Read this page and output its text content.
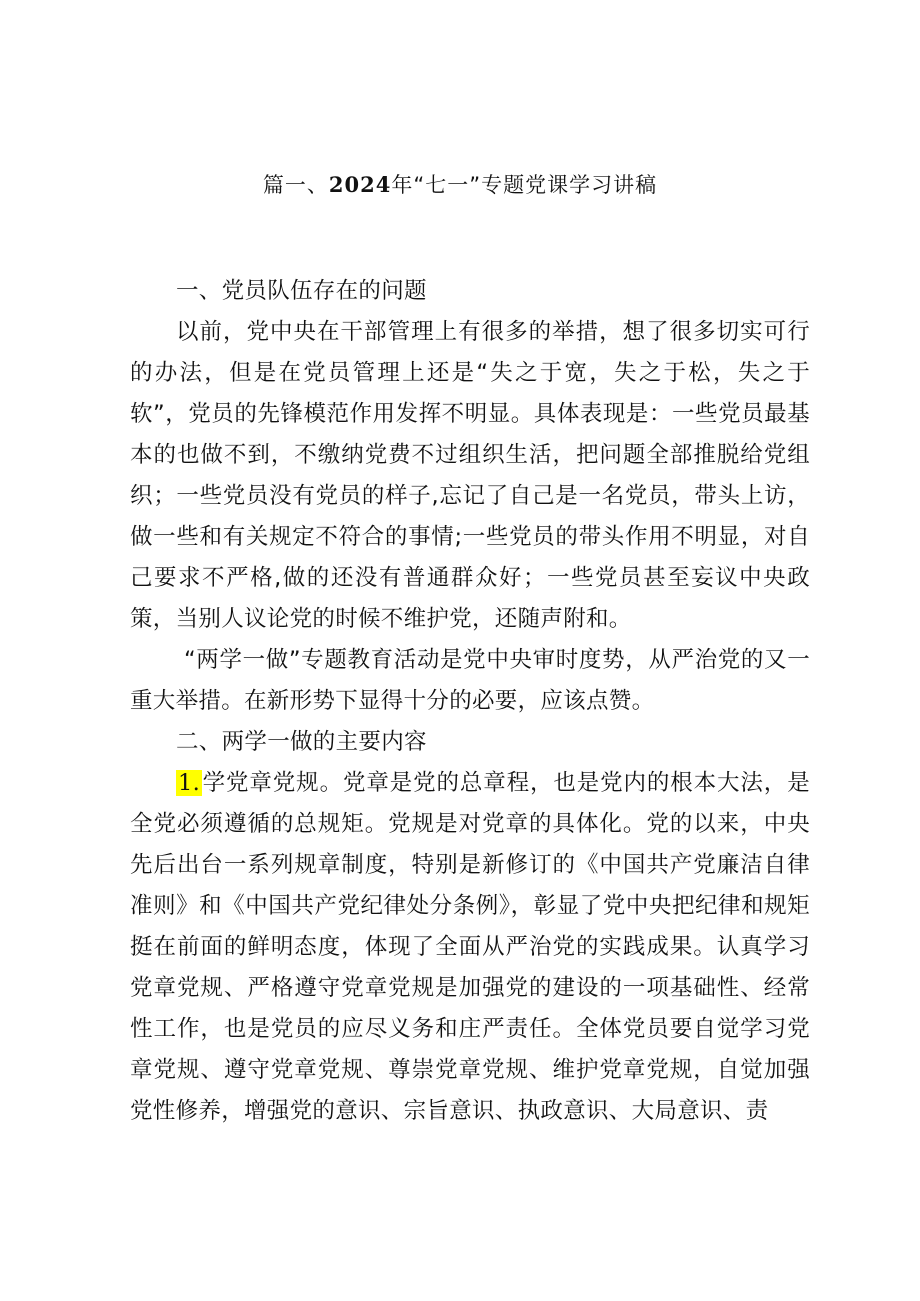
篇一、2024年“七一”专题党课学习讲稿

一、党员队伍存在的问题

以前，党中央在干部管理上有很多的举措，想了很多切实可行的办法，但是在党员管理上还是“失之于宽，失之于松，失之于软”，党员的先锋模范作用发挥不明显。具体表现是：一些党员最基本的也做不到，不缴纳党费不过组织生活，把问题全部推脱给党组织；一些党员没有党员的样子,忘记了自己是一名党员，带头上访，做一些和有关规定不符合的事情;一些党员的带头作用不明显，对自己要求不严格,做的还没有普通群众好；一些党员甚至妄议中央政策，当别人议论党的时候不维护党，还随声附和。

“两学一做”专题教育活动是党中央审时度势，从严治党的又一重大举措。在新形势下显得十分的必要，应该点赞。

二、两学一做的主要内容

1.学党章党规。党章是党的总章程，也是党内的根本大法，是全党必须遵循的总规矩。党规是对党章的具体化。党的以来，中央先后出台一系列规章制度，特别是新修订的《中国共产党廉洁自律准则》和《中国共产党纪律处分条例》，彰显了党中央把纪律和规矩挺在前面的鲜明态度，体现了全面从严治党的实践成果。认真学习党章党规、严格遵守党章党规是加强党的建设的一项基础性、经常性工作，也是党员的应尽义务和庄严责任。全体党员要自觉学习党章党规、遵守党章党规、尊崇党章党规、维护党章党规，自觉加强党性修养，增强党的意识、宗旨意识、执政意识、大局意识、责
